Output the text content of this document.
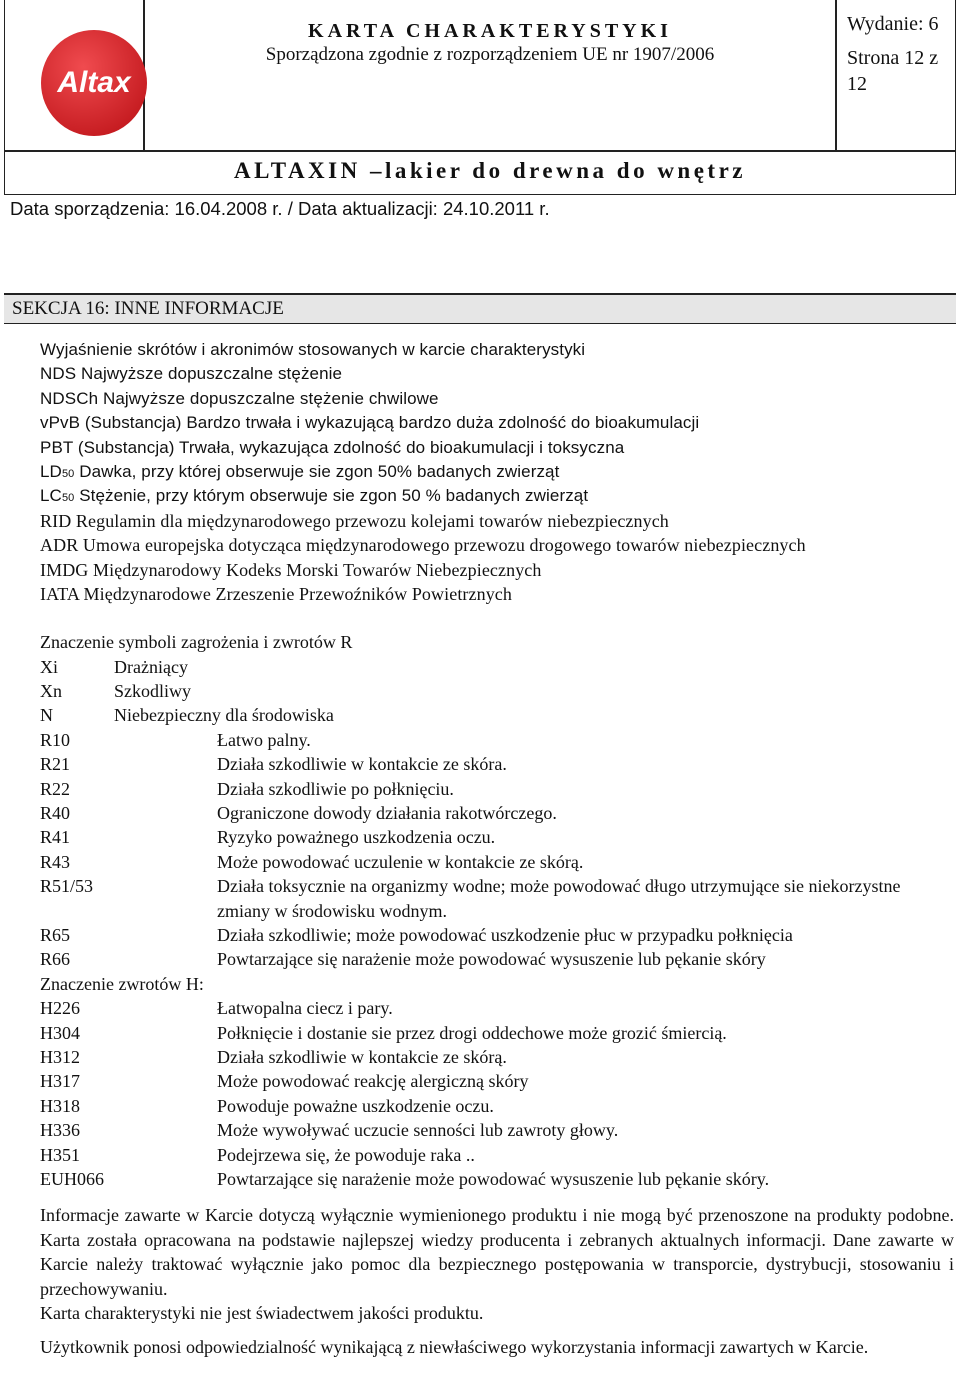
Altax
KARTA CHARAKTERYSTYKI
Sporządzona zgodnie z rozporządzeniem UE nr 1907/2006
Wydanie: 6
Strona 12 z 12
ALTAXIN –lakier do drewna do wnętrz
Data sporządzenia: 16.04.2008 r. / Data aktualizacji: 24.10.2011 r.
SEKCJA 16: INNE INFORMACJE
Wyjaśnienie skrótów i akronimów stosowanych w karcie charakterystyki
NDS Najwyższe dopuszczalne stężenie
NDSCh Najwyższe dopuszczalne stężenie chwilowe
vPvB (Substancja) Bardzo trwała i wykazującą bardzo duża zdolność do bioakumulacji
PBT (Substancja) Trwała, wykazująca zdolność do bioakumulacji i toksyczna
LD50 Dawka, przy której obserwuje sie zgon 50% badanych zwierząt
LC50 Stężenie, przy którym obserwuje sie zgon 50 % badanych zwierząt
RID Regulamin dla międzynarodowego przewozu kolejami towarów niebezpiecznych
ADR Umowa europejska dotycząca międzynarodowego przewozu drogowego towarów niebezpiecznych
IMDG Międzynarodowy Kodeks Morski Towarów Niebezpiecznych
IATA Międzynarodowe Zrzeszenie Przewoźników Powietrznych
Znaczenie symboli zagrożenia i zwrotów R
Xi	Drażniący
Xn	Szkodliwy
N	Niebezpieczny dla środowiska
R10	Łatwo palny.
R21	Działa szkodliwie w kontakcie ze skóra.
R22	Działa szkodliwie po połknięciu.
R40	Ograniczone dowody działania rakotwórczego.
R41	Ryzyko poważnego uszkodzenia oczu.
R43	Może powodować uczulenie w kontakcie ze skórą.
R51/53	Działa toksycznie na organizmy wodne; może powodować długo utrzymujące sie niekorzystne zmiany w środowisku wodnym.
R65	Działa szkodliwie; może powodować uszkodzenie płuc w przypadku połknięcia
R66	Powtarzające się narażenie może powodować wysuszenie lub pękanie skóry
Znaczenie zwrotów H:
H226	Łatwopalna ciecz i pary.
H304	Połknięcie i dostanie sie przez drogi oddechowe może grozić śmiercią.
H312	Działa szkodliwie w kontakcie ze skórą.
H317	Może powodować reakcję alergiczną skóry
H318	Powoduje poważne uszkodzenie oczu.
H336	Może wywoływać uczucie senności lub zawroty głowy.
H351	Podejrzewa się, że powoduje raka ..
EUH066	Powtarzające się narażenie może powodować wysuszenie lub pękanie skóry.
Informacje zawarte w Karcie dotyczą wyłącznie wymienionego produktu i nie mogą być przenoszone na produkty podobne. Karta została opracowana na podstawie najlepszej wiedzy producenta i zebranych aktualnych informacji. Dane zawarte w Karcie należy traktować wyłącznie jako pomoc dla bezpiecznego postępowania w transporcie, dystrybucji, stosowaniu i przechowywaniu.
Karta charakterystyki nie jest świadectwem jakości produktu.
Użytkownik ponosi odpowiedzialność wynikającą z niewłaściwego wykorzystania informacji zawartych w Karcie.
